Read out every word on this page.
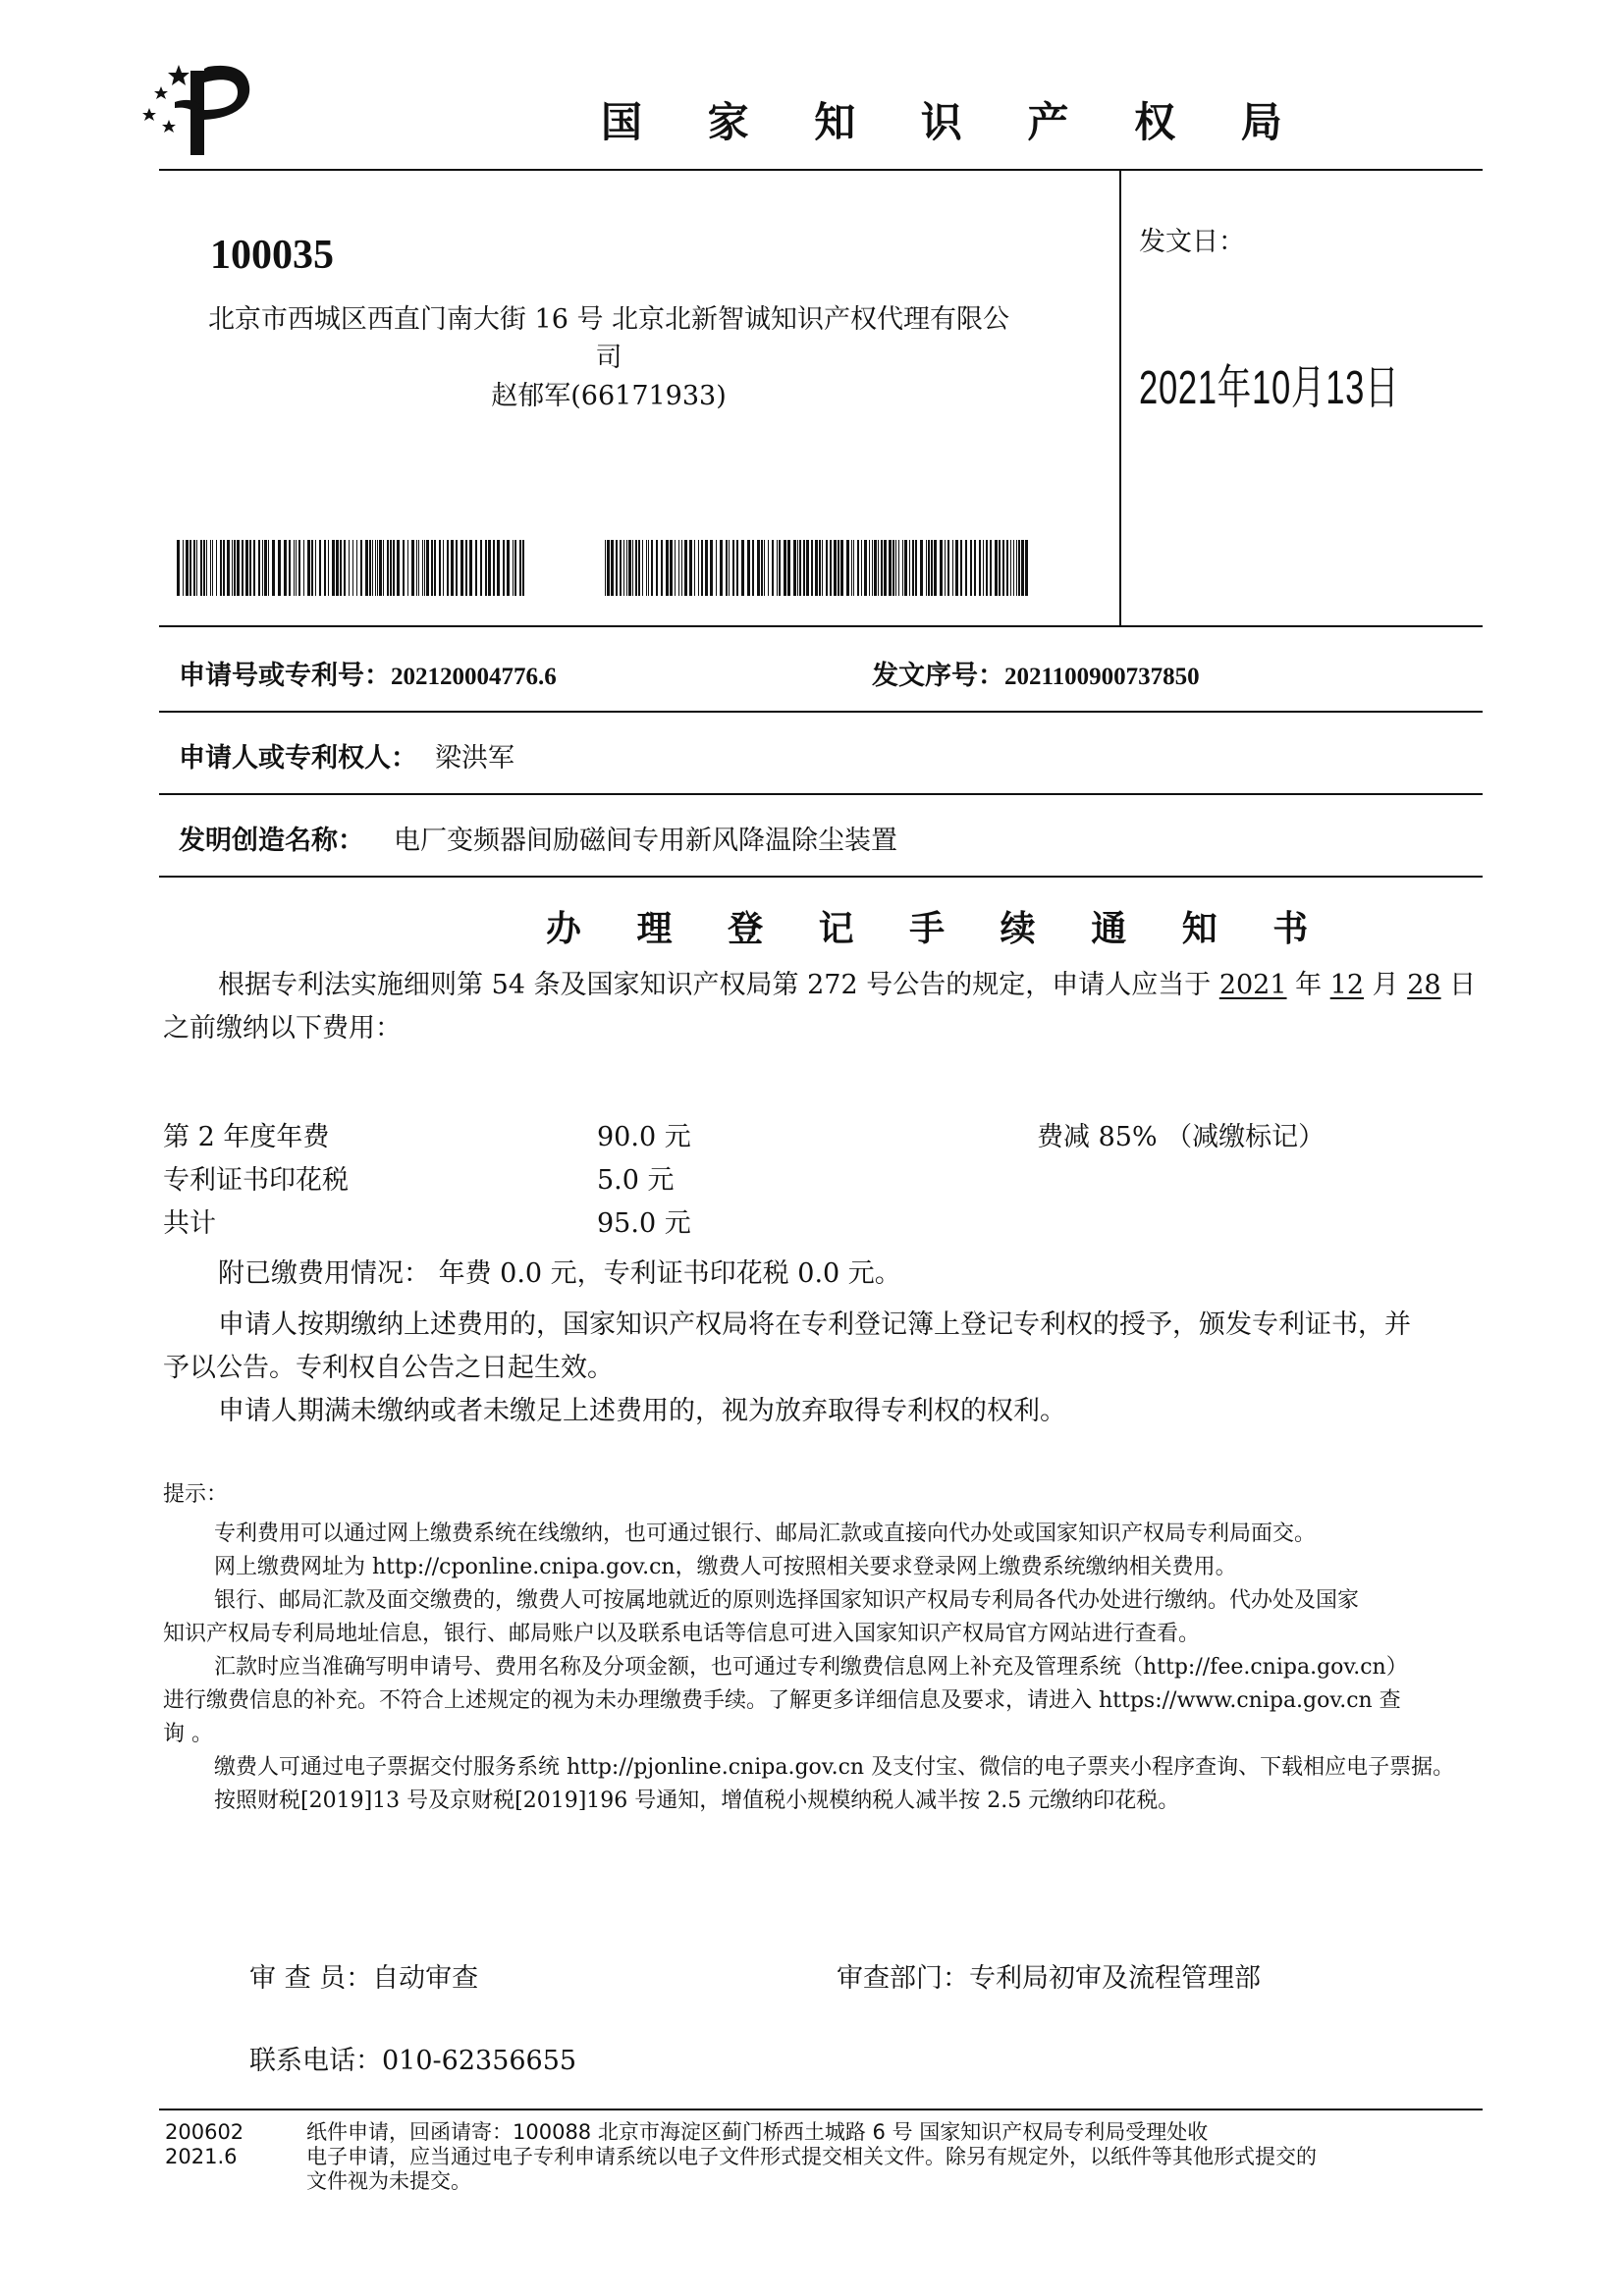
国 家 知 识 产 权 局
100035
北京市西城区西直门南大街 16 号 北京北新智诚知识产权代理有限公
司
赵郁军(66171933)
发文日：
2021年10月13日
申请号或专利号：202120004776.6	发文序号：2021100900737850
申请人或专利权人： 梁洪军
发明创造名称： 电厂变频器间励磁间专用新风降温除尘装置
办 理 登 记 手 续 通 知 书
根据专利法实施细则第 54 条及国家知识产权局第 272 号公告的规定，申请人应当于 2021 年 12 月 28 日
之前缴纳以下费用：
第 2 年度年费	90.0 元	费减 85% （减缴标记）
专利证书印花税	5.0 元
共计	95.0 元
附已缴费用情况： 年费 0.0 元，专利证书印花税 0.0 元。
申请人按期缴纳上述费用的，国家知识产权局将在专利登记簿上登记专利权的授予，颁发专利证书，并
予以公告。专利权自公告之日起生效。
申请人期满未缴纳或者未缴足上述费用的，视为放弃取得专利权的权利。
提示：
专利费用可以通过网上缴费系统在线缴纳，也可通过银行、邮局汇款或直接向代办处或国家知识产权局专利局面交。
网上缴费网址为 http://cponline.cnipa.gov.cn，缴费人可按照相关要求登录网上缴费系统缴纳相关费用。
银行、邮局汇款及面交缴费的，缴费人可按属地就近的原则选择国家知识产权局专利局各代办处进行缴纳。代办处及国家
知识产权局专利局地址信息，银行、邮局账户以及联系电话等信息可进入国家知识产权局官方网站进行查看。
汇款时应当准确写明申请号、费用名称及分项金额，也可通过专利缴费信息网上补充及管理系统（http://fee.cnipa.gov.cn）
进行缴费信息的补充。不符合上述规定的视为未办理缴费手续。了解更多详细信息及要求，请进入 https://www.cnipa.gov.cn 查
询 。
缴费人可通过电子票据交付服务系统 http://pjonline.cnipa.gov.cn 及支付宝、微信的电子票夹小程序查询、下载相应电子票据。
按照财税[2019]13 号及京财税[2019]196 号通知，增值税小规模纳税人减半按 2.5 元缴纳印花税。
审 查 员：自动审查	审查部门：专利局初审及流程管理部
联系电话：010-62356655
200602
2021.6
纸件申请，回函请寄：100088 北京市海淀区蓟门桥西土城路 6 号 国家知识产权局专利局受理处收
电子申请，应当通过电子专利申请系统以电子文件形式提交相关文件。除另有规定外，以纸件等其他形式提交的
文件视为未提交。
